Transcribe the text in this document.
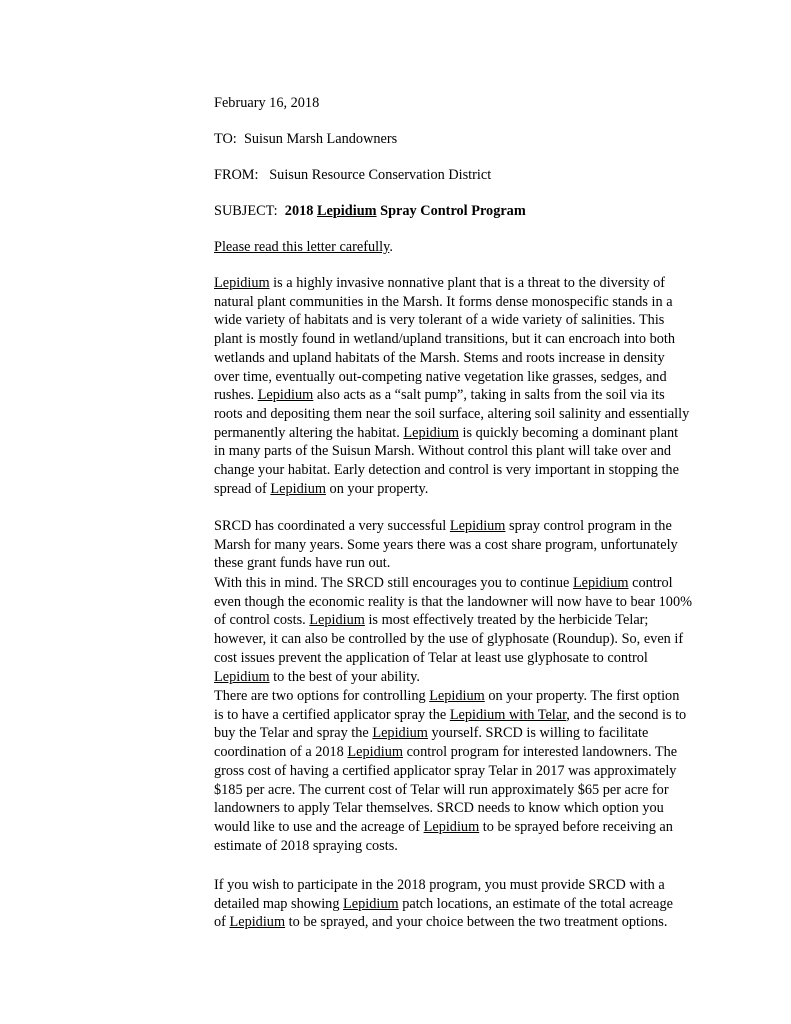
February 16, 2018
TO: Suisun Marsh Landowners
FROM: Suisun Resource Conservation District
SUBJECT: 2018 Lepidium Spray Control Program
Please read this letter carefully.
Lepidium is a highly invasive nonnative plant that is a threat to the diversity of
natural plant communities in the Marsh. It forms dense monospecific stands in a
wide variety of habitats and is very tolerant of a wide variety of salinities. This
plant is mostly found in wetland/upland transitions, but it can encroach into both
wetlands and upland habitats of the Marsh. Stems and roots increase in density
over time, eventually out-competing native vegetation like grasses, sedges, and
rushes. Lepidium also acts as a “salt pump”, taking in salts from the soil via its
roots and depositing them near the soil surface, altering soil salinity and essentially
permanently altering the habitat. Lepidium is quickly becoming a dominant plant
in many parts of the Suisun Marsh. Without control this plant will take over and
change your habitat. Early detection and control is very important in stopping the
spread of Lepidium on your property.
SRCD has coordinated a very successful Lepidium spray control program in the
Marsh for many years. Some years there was a cost share program, unfortunately
these grant funds have run out.
With this in mind. The SRCD still encourages you to continue Lepidium control
even though the economic reality is that the landowner will now have to bear 100%
of control costs. Lepidium is most effectively treated by the herbicide Telar;
however, it can also be controlled by the use of glyphosate (Roundup). So, even if
cost issues prevent the application of Telar at least use glyphosate to control
Lepidium to the best of your ability.
There are two options for controlling Lepidium on your property. The first option
is to have a certified applicator spray the Lepidium with Telar, and the second is to
buy the Telar and spray the Lepidium yourself. SRCD is willing to facilitate
coordination of a 2018 Lepidium control program for interested landowners. The
gross cost of having a certified applicator spray Telar in 2017 was approximately
$185 per acre. The current cost of Telar will run approximately $65 per acre for
landowners to apply Telar themselves. SRCD needs to know which option you
would like to use and the acreage of Lepidium to be sprayed before receiving an
estimate of 2018 spraying costs.
If you wish to participate in the 2018 program, you must provide SRCD with a
detailed map showing Lepidium patch locations, an estimate of the total acreage
of Lepidium to be sprayed, and your choice between the two treatment options.
